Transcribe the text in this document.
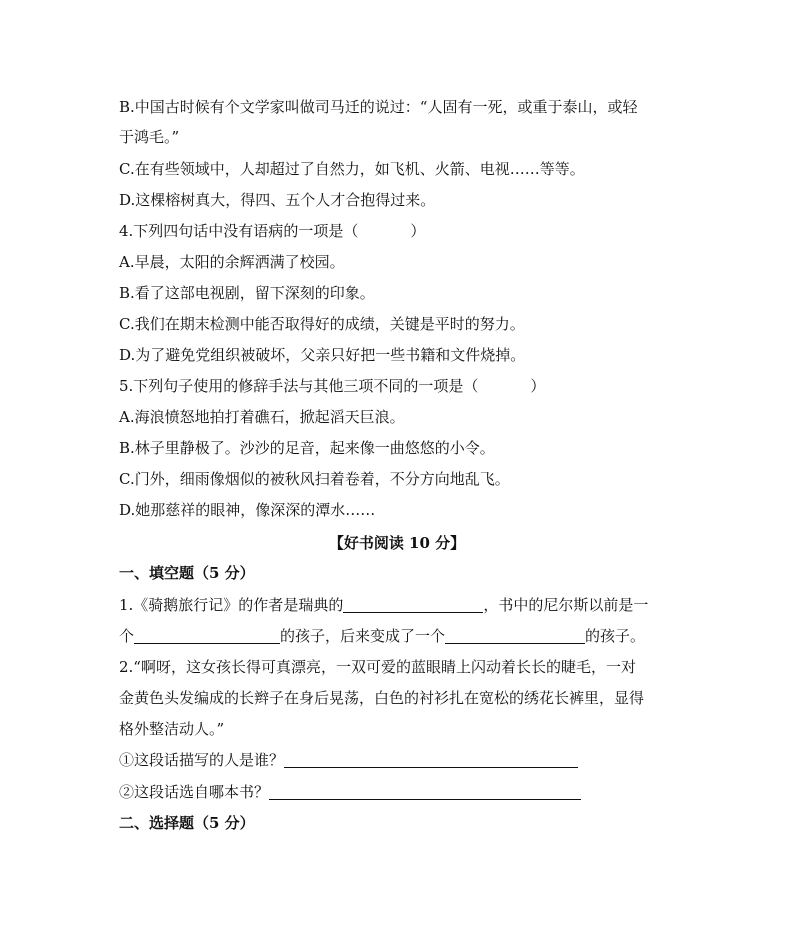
B.中国古时候有个文学家叫做司马迁的说过：“人固有一死，或重于泰山，或轻
于鸿毛。”
C.在有些领域中，人却超过了自然力，如飞机、火箭、电视……等等。
D.这棵榕树真大，得四、五个人才合抱得过来。
4.下列四句话中没有语病的一项是（	）
A.早晨，太阳的余辉洒满了校园。
B.看了这部电视剧，留下深刻的印象。
C.我们在期末检测中能否取得好的成绩，关键是平时的努力。
D.为了避免党组织被破坏，父亲只好把一些书籍和文件烧掉。
5.下列句子使用的修辞手法与其他三项不同的一项是（	）
A.海浪愤怒地拍打着礁石，掀起滔天巨浪。
B.林子里静极了。沙沙的足音，起来像一曲悠悠的小令。
C.门外，细雨像烟似的被秋风扫着卷着，不分方向地乱飞。
D.她那慈祥的眼神，像深深的潭水……
【好书阅读 10 分】
一、填空题（5 分）
1.《骑鹅旅行记》的作者是瑞典的	，书中的尼尔斯以前是一
个	的孩子，后来变成了一个	的孩子。
2.“啊呀，这女孩长得可真漂亮，一双可爱的蓝眼睛上闪动着长长的睫毛，一对
金黄色头发编成的长辫子在身后晃荡，白色的衬衫扎在宽松的绣花长裤里，显得
格外整洁动人。”
①这段话描写的人是谁？
②这段话选自哪本书？
二、选择题（5 分）
